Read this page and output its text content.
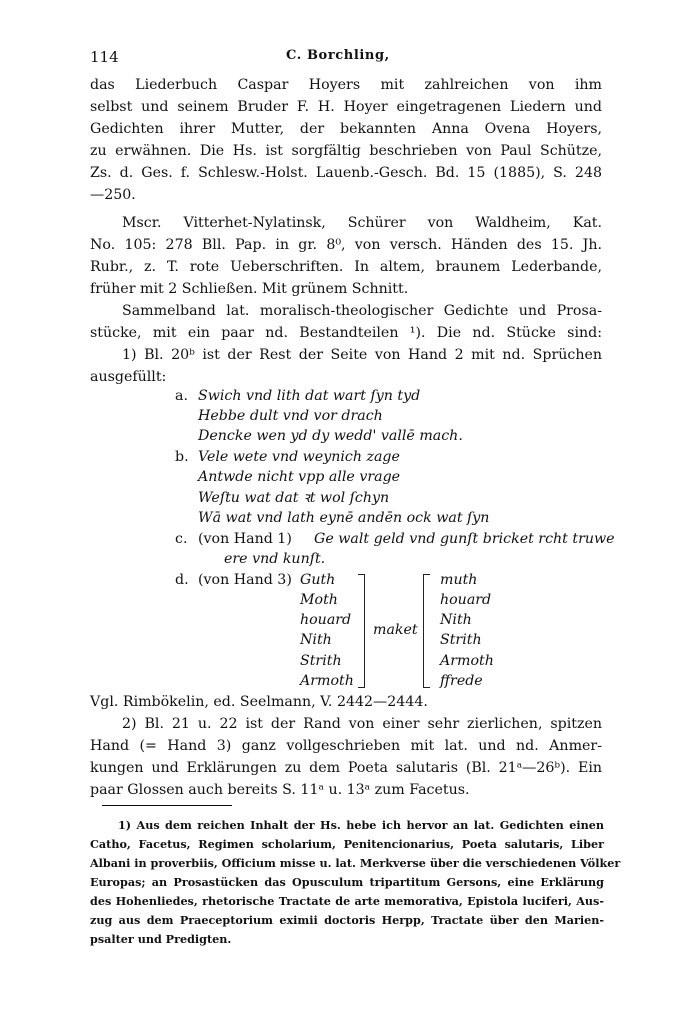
114	C. Borchling,
das Liederbuch Caspar Hoyers mit zahlreichen von ihm
selbst und seinem Bruder F. H. Hoyer eingetragenen Liedern und
Gedichten ihrer Mutter, der bekannten Anna Ovena Hoyers,
zu erwähnen. Die Hs. ist sorgfältig beschrieben von Paul Schütze,
Zs. d. Ges. f. Schlesw.-Holst. Lauenb.-Gesch. Bd. 15 (1885), S. 248
—250.
Mscr. Vitterhet-Nylatinsk, Schürer von Waldheim, Kat.
No. 105: 278 Bll. Pap. in gr. 8⁰, von versch. Händen des 15. Jh.
Rubr., z. T. rote Ueberschriften. In altem, braunem Lederbande,
früher mit 2 Schließen. Mit grünem Schnitt.
Sammelband lat. moralisch-theologischer Gedichte und Prosa-
stücke, mit ein paar nd. Bestandteilen ¹). Die nd. Stücke sind:
1) Bl. 20ᵇ ist der Rest der Seite von Hand 2 mit nd. Sprüchen
ausgefüllt:
a. Swich vnd lith dat wart ſyn tyd
Hebbe dult vnd vor drach
Dencke wen yd dy wedd' vallē mach.
b. Vele wete vnd weynich zage
Antwde nicht vpp alle vrage
Weſtu wat dat ꝛt wol ſchyn
Wā wat vnd lath eynē andēn ock wat ſyn
c. (von Hand 1) Ge walt geld vnd gunſt bricket rcht truwe
ere vnd kunſt.
d. (von Hand 3) Guth
Moth
houard
Nith
Strith
Armoth
maket
muth
houard
Nith
Strith
Armoth
ffrede
Vgl. Rimbökelin, ed. Seelmann, V. 2442—2444.
2) Bl. 21 u. 22 ist der Rand von einer sehr zierlichen, spitzen
Hand (= Hand 3) ganz vollgeschrieben mit lat. und nd. Anmer-
kungen und Erklärungen zu dem Poeta salutaris (Bl. 21ᵃ—26ᵇ). Ein
paar Glossen auch bereits S. 11ᵃ u. 13ᵃ zum Facetus.
1) Aus dem reichen Inhalt der Hs. hebe ich hervor an lat. Gedichten einen
Catho, Facetus, Regimen scholarium, Penitencionarius, Poeta salutaris, Liber
Albani in proverbiis, Officium misse u. lat. Merkverse über die verschiedenen Völker
Europas; an Prosastücken das Opusculum tripartitum Gersons, eine Erklärung
des Hohenliedes, rhetorische Tractate de arte memorativa, Epistola luciferi, Aus-
zug aus dem Praeceptorium eximii doctoris Herpp, Tractate über den Marien-
psalter und Predigten.
